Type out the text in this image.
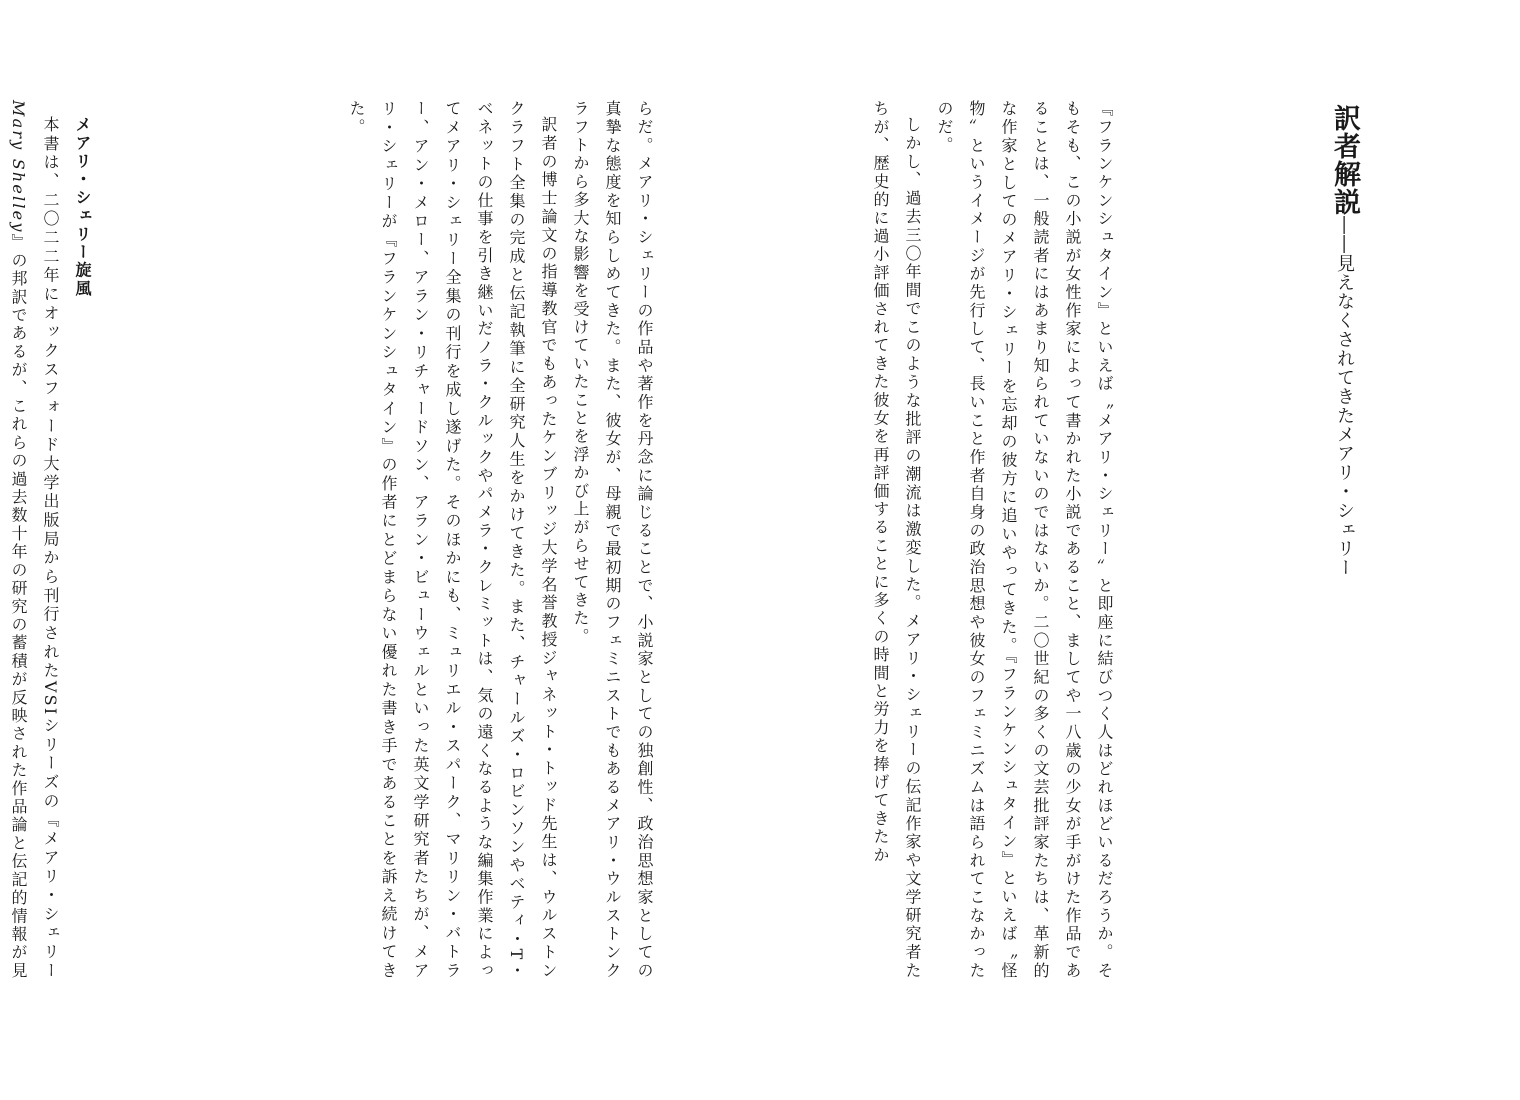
訳者解説――見えなくされてきたメアリ・シェリー

『フランケンシュタイン』といえば〝メアリ・シェリー〟と即座に結びつく人はどれほどいるだろうか。そもそも、この小説が女性作家によって書かれた小説であること、ましてや一八歳の少女が手がけた作品であることは、一般読者にはあまり知られていないのではないか。二〇世紀の多くの文芸批評家たちは、革新的な作家としてのメアリ・シェリーを忘却の彼方に追いやってきた。『フランケンシュタイン』といえば〝怪物〟というイメージが先行して、長いこと作者自身の政治思想や彼女のフェミニズムは語られてこなかったのだ。

しかし、過去三〇年間でこのような批評の潮流は激変した。メアリ・シェリーの伝記作家や文学研究者たちが、歴史的に過小評価されてきた彼女を再評価することに多くの時間と労力を捧げてきたか

らだ。メアリ・シェリーの作品や著作を丹念に論じることで、小説家としての独創性、政治思想家としての真摯な態度を知らしめてきた。また、彼女が、母親で最初期のフェミニストでもあるメアリ・ウルストンクラフトから多大な影響を受けていたことを浮かび上がらせてきた。

訳者の博士論文の指導教官でもあったケンブリッジ大学名誉教授ジャネット・トッド先生は、ウルストンクラフト全集の完成と伝記執筆に全研究人生をかけてきた。また、チャールズ・ロビンソンやベティ・T・ベネットの仕事を引き継いだノラ・クルックやパメラ・クレミットは、気の遠くなるような編集作業によってメアリ・シェリー全集の刊行を成し遂げた。そのほかにも、ミュリエル・スパーク、マリリン・バトラー、アン・メロー、アラン・リチャードソン、アラン・ビューウェルといった英文学研究者たちが、メアリ・シェリーが『フランケンシュタイン』の作者にとどまらない優れた書き手であることを訴え続けてきた。

メアリ・シェリー旋風

本書は、二〇二二年にオックスフォード大学出版局から刊行されたVSIシリーズの『メアリ・シェリーMary Shelley』の邦訳であるが、これらの過去数十年の研究の蓄積が反映された作品論と伝記的情報が見
